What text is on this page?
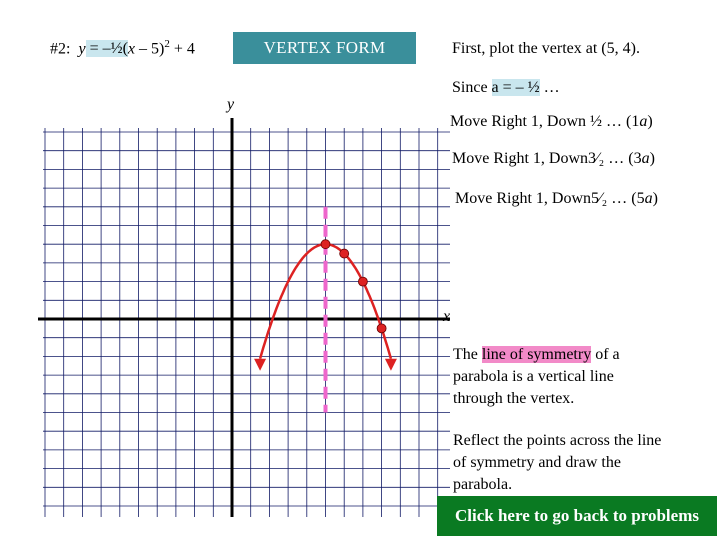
#2: y = –½(x – 5)$^2$ + 4	VERTEX FORM	First, plot the vertex at (5, 4).
Since a = – ½ …
Move Right 1, Down ½ … (1a)
Move Right 1, Down3⁄₂ … (3a)
Move Right 1, Down5⁄₂ … (5a)
The line of symmetry of a
parabola is a vertical line
through the vertex.
Reflect the points across the line
of symmetry and draw the
parabola.
y
x
Click here to go back to problems
